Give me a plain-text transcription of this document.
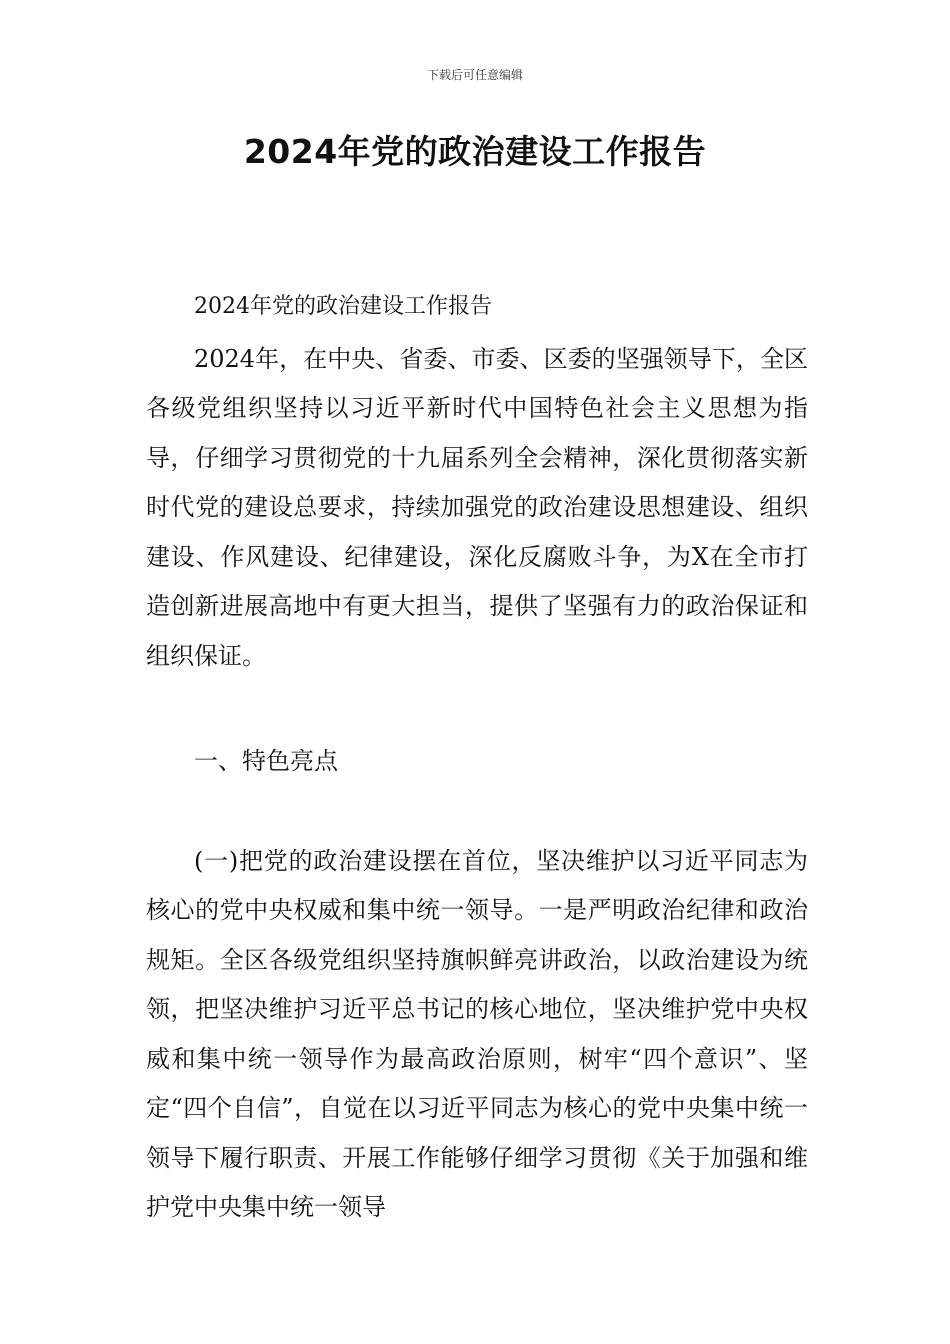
下载后可任意编辑
2024年党的政治建设工作报告

2024年党的政治建设工作报告

2024年，在中央、省委、市委、区委的坚强领导下，全区各级党组织坚持以习近平新时代中国特色社会主义思想为指导，仔细学习贯彻党的十九届系列全会精神，深化贯彻落实新时代党的建设总要求，持续加强党的政治建设思想建设、组织建设、作风建设、纪律建设，深化反腐败斗争，为X在全市打造创新进展高地中有更大担当，提供了坚强有力的政治保证和组织保证。

一、特色亮点

(一)把党的政治建设摆在首位，坚决维护以习近平同志为核心的党中央权威和集中统一领导。一是严明政治纪律和政治规矩。全区各级党组织坚持旗帜鲜亮讲政治，以政治建设为统领，把坚决维护习近平总书记的核心地位，坚决维护党中央权威和集中统一领导作为最高政治原则，树牢“四个意识”、坚定“四个自信”，自觉在以习近平同志为核心的党中央集中统一领导下履行职责、开展工作能够仔细学习贯彻《关于加强和维护党中央集中统一领导
